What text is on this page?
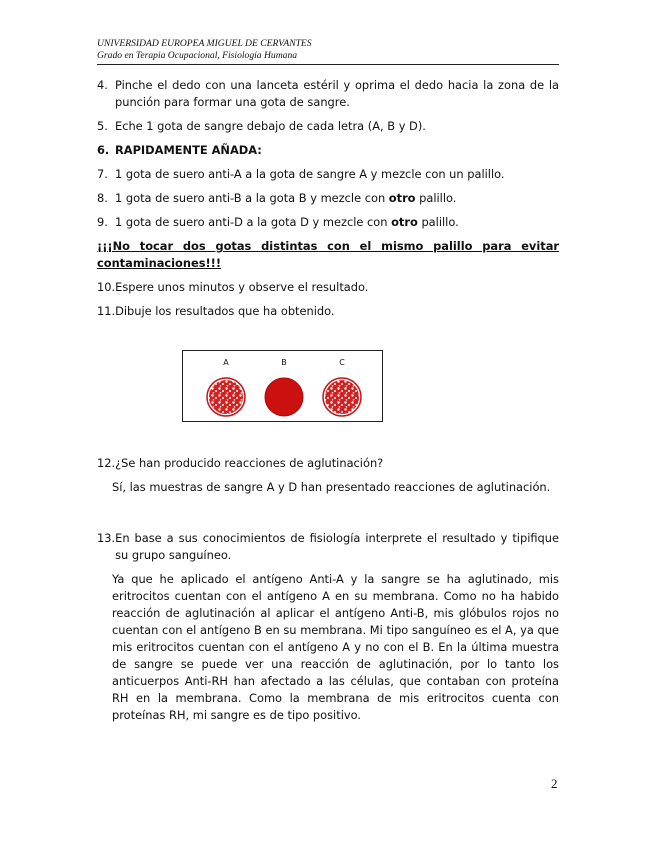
UNIVERSIDAD EUROPEA MIGUEL DE CERVANTES
Grado en Terapia Ocupacional, Fisiología Humana
4. Pinche el dedo con una lanceta estéril y oprima el dedo hacia la zona de la punción para formar una gota de sangre.
5. Eche 1 gota de sangre debajo de cada letra (A, B y D).
6. RAPIDAMENTE AÑADA:
7. 1 gota de suero anti-A a la gota de sangre A y mezcle con un palillo.
8. 1 gota de suero anti-B a la gota B y mezcle con otro palillo.
9. 1 gota de suero anti-D a la gota D y mezcle con otro palillo.
¡¡¡No tocar dos gotas distintas con el mismo palillo para evitar contaminaciones!!!
10. Espere unos minutos y observe el resultado.
11. Dibuje los resultados que ha obtenido.
A	B	C
12. ¿Se han producido reacciones de aglutinación?
Sí, las muestras de sangre A y D han presentado reacciones de aglutinación.
13. En base a sus conocimientos de fisiología interprete el resultado y tipifique su grupo sanguíneo.
Ya que he aplicado el antígeno Anti-A y la sangre se ha aglutinado, mis eritrocitos cuentan con el antígeno A en su membrana. Como no ha habido reacción de aglutinación al aplicar el antígeno Anti-B, mis glóbulos rojos no cuentan con el antígeno B en su membrana. Mi tipo sanguíneo es el A, ya que mis eritrocitos cuentan con el antígeno A y no con el B. En la última muestra de sangre se puede ver una reacción de aglutinación, por lo tanto los anticuerpos Anti-RH han afectado a las células, que contaban con proteína RH en la membrana. Como la membrana de mis eritrocitos cuenta con proteínas RH, mi sangre es de tipo positivo.
2
